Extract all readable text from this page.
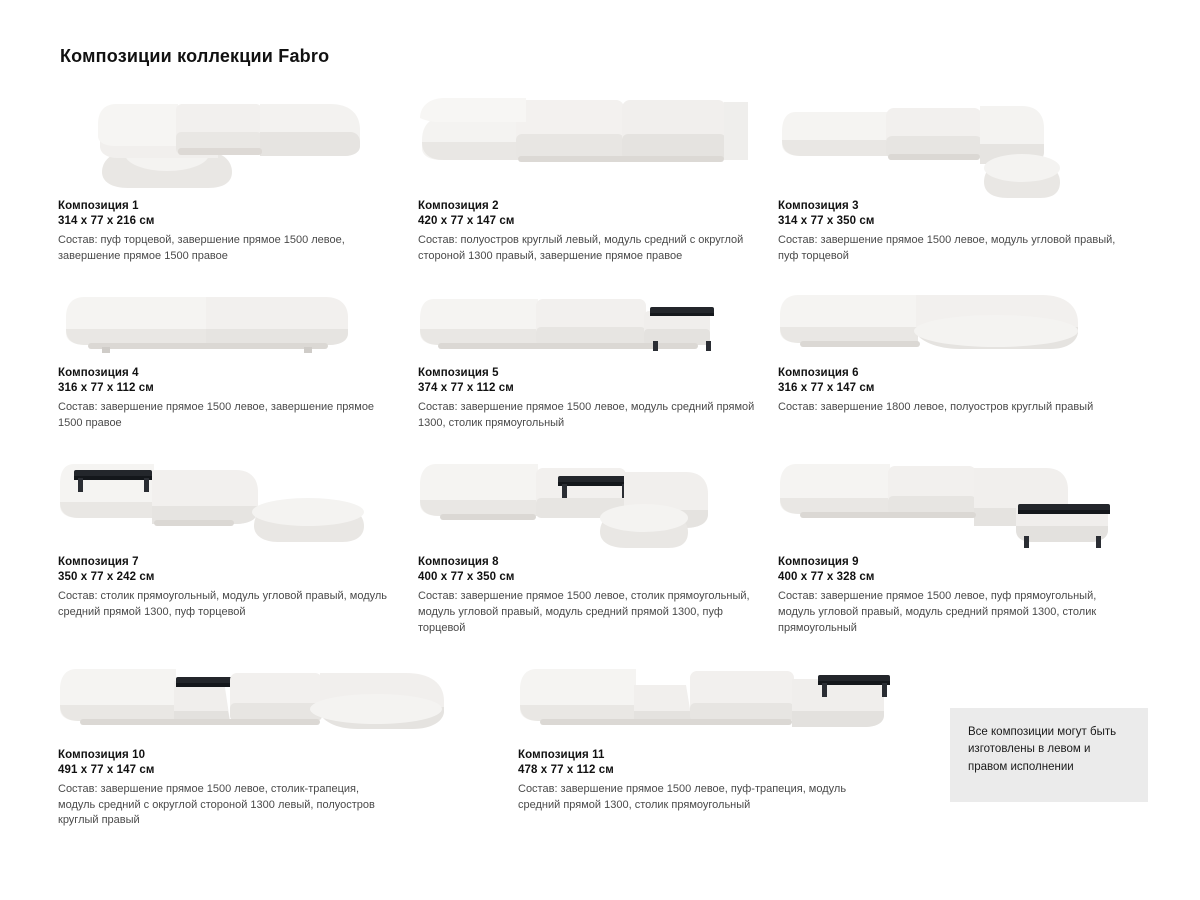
Композиции коллекции Fabro
Композиция 1
314 х 77 х 216 см
Состав: пуф торцевой, завершение прямое 1500 левое, завершение прямое 1500 правое
Композиция 2
420 х 77 х 147 см
Состав: полуостров круглый левый, модуль средний с округлой стороной 1300 правый, завершение прямое правое
Композиция 3
314 х 77 х 350 см
Состав: завершение прямое 1500 левое, модуль угловой правый, пуф торцевой
Композиция 4
316 х 77 х 112 см
Состав: завершение прямое 1500 левое, завершение прямое 1500 правое
Композиция 5
374 х 77 х 112 см
Состав: завершение прямое 1500 левое, модуль средний прямой 1300, столик прямоугольный
Композиция 6
316 х 77 х 147 см
Состав: завершение 1800 левое, полуостров круглый правый
Композиция 7
350 х 77 х 242 см
Состав: столик прямоугольный, модуль угловой правый, модуль средний прямой 1300, пуф торцевой
Композиция 8
400 х 77 х 350 см
Состав: завершение прямое 1500 левое, столик прямоугольный, модуль угловой правый, модуль средний прямой 1300, пуф торцевой
Композиция 9
400 х 77 х 328 см
Состав: завершение прямое 1500 левое, пуф прямоугольный, модуль угловой правый, модуль средний прямой 1300, столик прямоугольный
Композиция 10
491 х 77 х 147 см
Состав: завершение прямое 1500 левое, столик-трапеция, модуль средний с округлой стороной 1300 левый, полуостров круглый правый
Композиция 11
478 х 77 х 112 см
Состав: завершение прямое 1500 левое, пуф-трапеция, модуль средний прямой 1300, столик прямоугольный
Все композиции могут быть изготовлены в левом и правом исполнении
